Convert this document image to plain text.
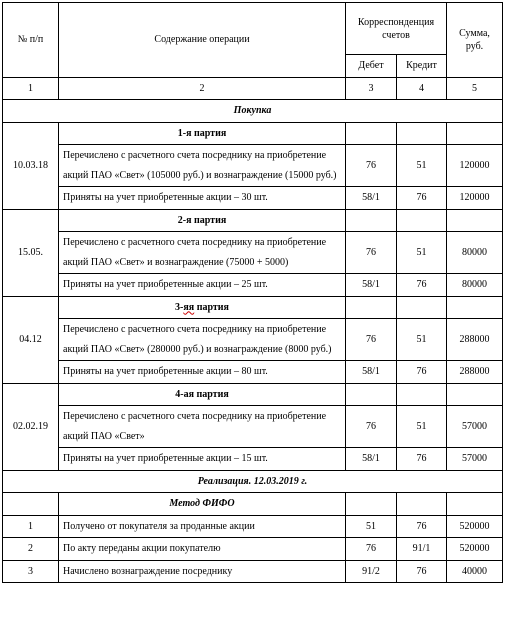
№ п/п	Содержание операции	Корреспонденция счетов		Сумма, руб.
		Дебет	Кредит	
1	2	3	4	5
Покупка				
10.03.18	1-я партия			
	Перечислено с расчетного счета посреднику на приобретение акций ПАО «Свет» (105000 руб.) и вознаграждение (15000 руб.)	76	51	120000
	Приняты на учет приобретенные акции – 30 шт.	58/1	76	120000
15.05.	2-я партия			
	Перечислено с расчетного счета посреднику на приобретение акций ПАО «Свет» и вознаграждение (75000 + 5000)	76	51	80000
	Приняты на учет приобретенные акции – 25 шт.	58/1	76	80000
04.12	3-яя партия			
	Перечислено с расчетного счета посреднику на приобретение акций ПАО «Свет» (280000 руб.) и вознаграждение (8000 руб.)	76	51	288000
	Приняты на учет приобретенные акции – 80 шт.	58/1	76	288000
02.02.19	4-ая партия			
	Перечислено с расчетного счета посреднику на приобретение акций ПАО «Свет»	76	51	57000
	Приняты на учет приобретенные акции – 15 шт.	58/1	76	57000
Реализация. 12.03.2019 г.				
	Метод ФИФО			
1	Получено от покупателя за проданные акции	51	76	520000
2	По акту переданы акции покупателю	76	91/1	520000
3	Начислено вознаграждение посреднику	91/2	76	40000
